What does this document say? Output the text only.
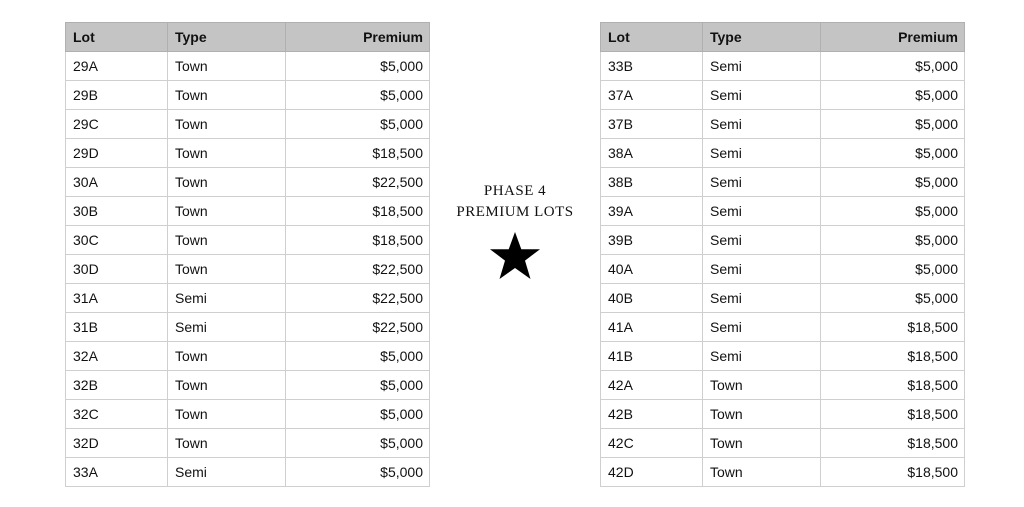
Lot	Type	Premium
29A	Town	$5,000
29B	Town	$5,000
29C	Town	$5,000
29D	Town	$18,500
30A	Town	$22,500
30B	Town	$18,500
30C	Town	$18,500
30D	Town	$22,500
31A	Semi	$22,500
31B	Semi	$22,500
32A	Town	$5,000
32B	Town	$5,000
32C	Town	$5,000
32D	Town	$5,000
33A	Semi	$5,000
PHASE 4
PREMIUM LOTS
Lot	Type	Premium
33B	Semi	$5,000
37A	Semi	$5,000
37B	Semi	$5,000
38A	Semi	$5,000
38B	Semi	$5,000
39A	Semi	$5,000
39B	Semi	$5,000
40A	Semi	$5,000
40B	Semi	$5,000
41A	Semi	$18,500
41B	Semi	$18,500
42A	Town	$18,500
42B	Town	$18,500
42C	Town	$18,500
42D	Town	$18,500
